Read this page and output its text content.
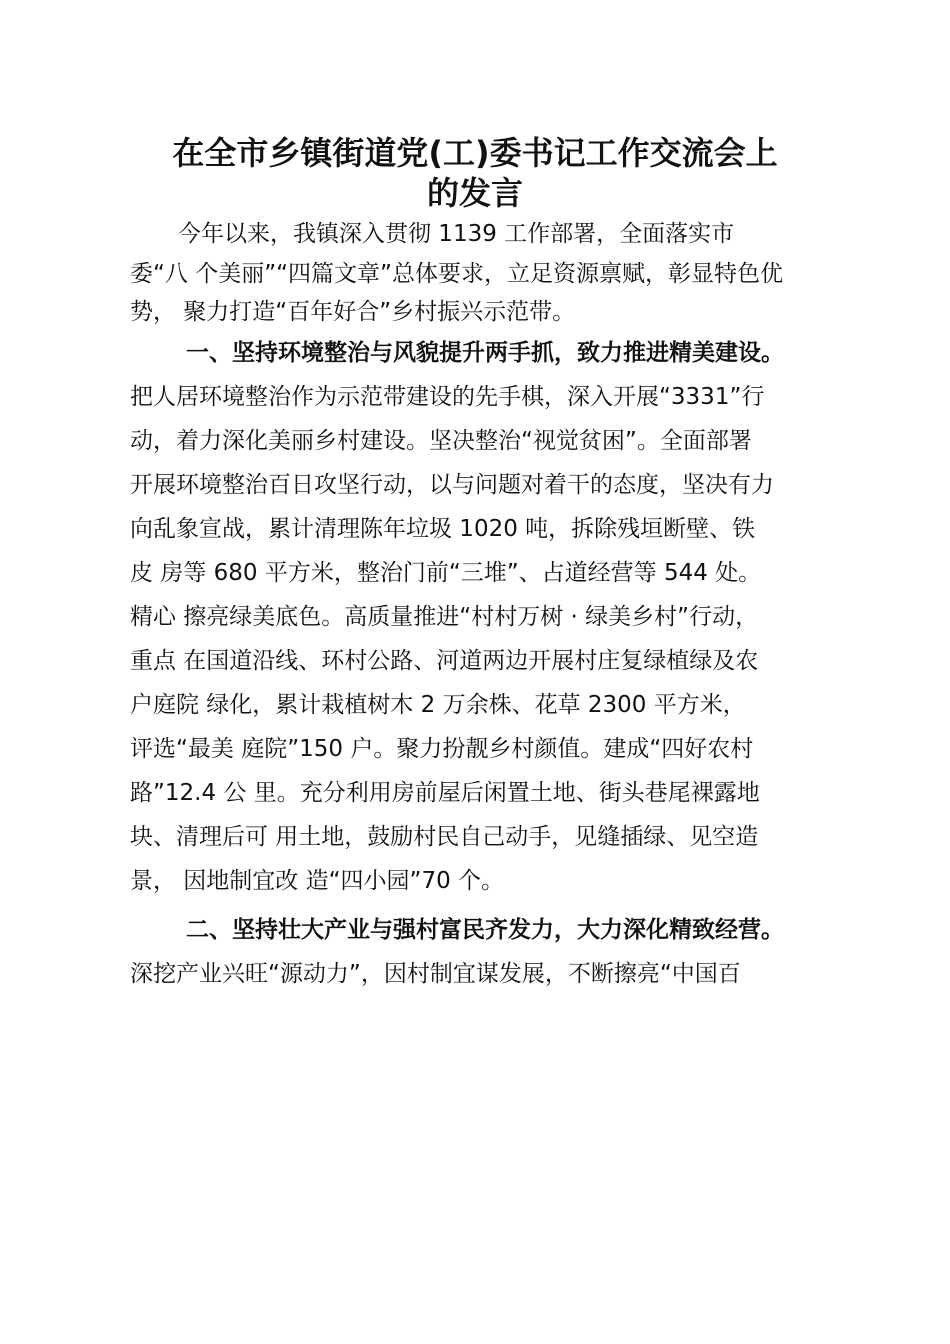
在全市乡镇街道党(工)委书记工作交流会上
的发言

今年以来，我镇深入贯彻 1139 工作部署，全面落实市

委“八 个美丽”“四篇文章”总体要求，立足资源禀赋，彰显特色优

势， 聚力打造“百年好合”乡村振兴示范带。

一、坚持环境整治与风貌提升两手抓，致力推进精美建设。

把人居环境整治作为示范带建设的先手棋，深入开展“3331”行

动，着力深化美丽乡村建设。坚决整治“视觉贫困”。全面部署

开展环境整治百日攻坚行动，以与问题对着干的态度，坚决有力

向乱象宣战，累计清理陈年垃圾 1020 吨，拆除残垣断壁、铁

皮 房等 680 平方米，整治门前“三堆”、占道经营等 544 处。

精心 擦亮绿美底色。高质量推进“村村万树 · 绿美乡村”行动，

重点 在国道沿线、环村公路、河道两边开展村庄复绿植绿及农

户庭院 绿化，累计栽植树木 2 万余株、花草 2300 平方米，

评选“最美 庭院”150 户。聚力扮靓乡村颜值。建成“四好农村

路”12.4 公 里。充分利用房前屋后闲置土地、街头巷尾裸露地

块、清理后可 用土地，鼓励村民自己动手，见缝插绿、见空造

景， 因地制宜改 造“四小园”70 个。

二、坚持壮大产业与强村富民齐发力，大力深化精致经营。

深挖产业兴旺“源动力”，因村制宜谋发展，不断擦亮“中国百
